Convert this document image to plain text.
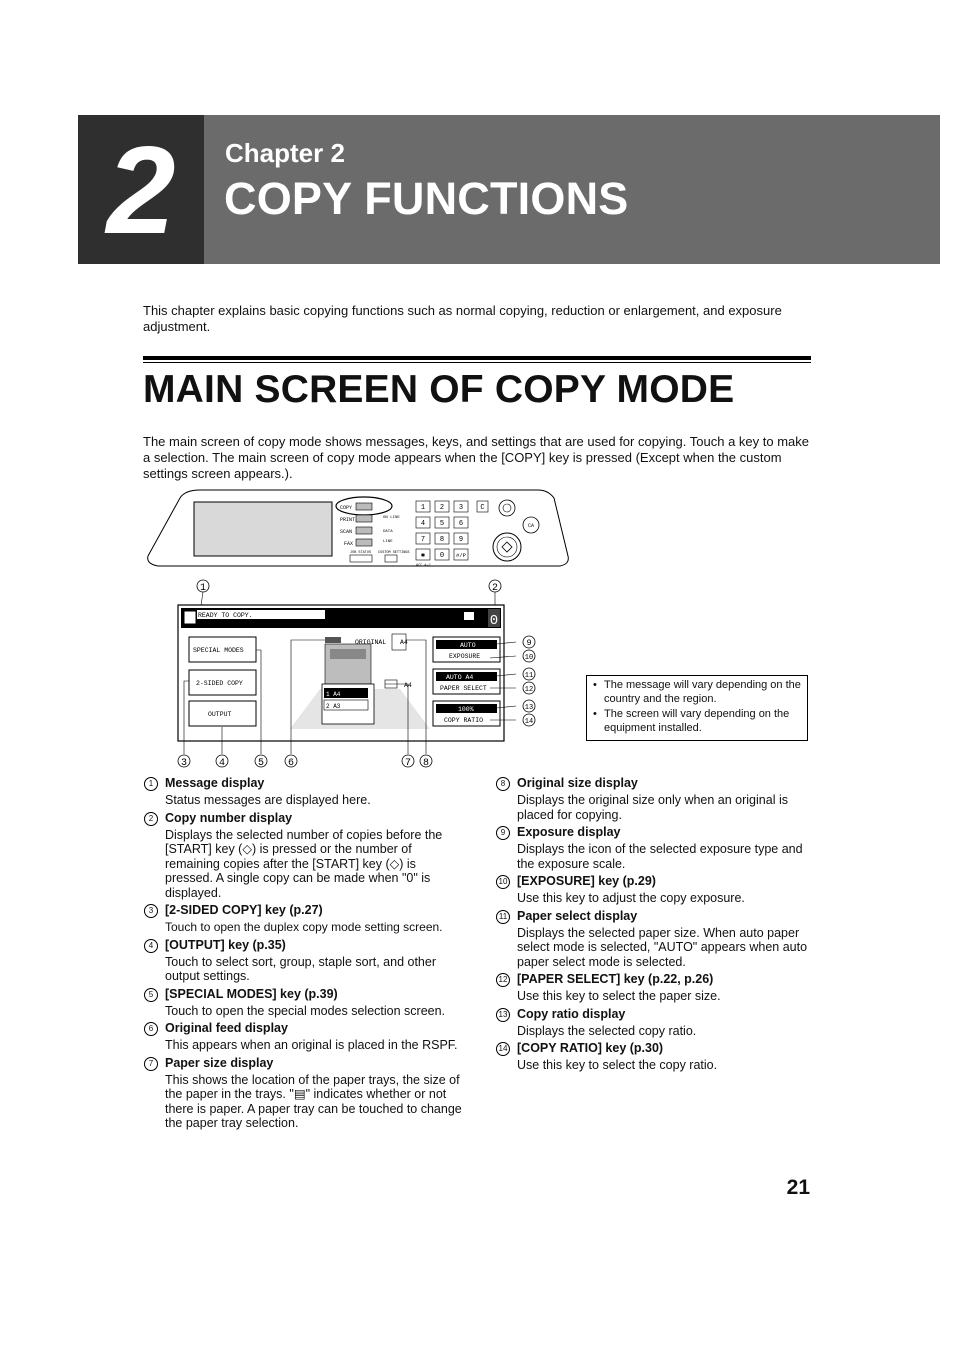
2	Chapter 2
COPY FUNCTIONS

This chapter explains basic copying functions such as normal copying, reduction or enlargement, and exposure adjustment.

MAIN SCREEN OF COPY MODE

The main screen of copy mode shows messages, keys, and settings that are used for copying. Touch a key to make a selection. The main screen of copy mode appears when the [COPY] key is pressed (Except when the custom settings screen appears.).

COPY
PRINT
SCAN
FAX
ON LINE
DATA
LINE
JOB STATUS CUSTOM SETTINGS
1 2 3
4 5 6
7 8 9
✱ 0 #/P
C
ACC.#-C
CA
1	2
READY TO COPY.	0
SPECIAL MODES
2-SIDED COPY
OUTPUT
1 A4
2 A3
ORIGINAL A4
A4
AUTO
EXPOSURE
AUTO A4
PAPER SELECT
100%
COPY RATIO
3	4	5 6	7 8
9
10
11
12
13
14
• The message will vary depending on the country and the region.
• The screen will vary depending on the equipment installed.
1 Message display
Status messages are displayed here.
2 Copy number display
Displays the selected number of copies before the [START] key (◇) is pressed or the number of remaining copies after the [START] key (◇) is pressed. A single copy can be made when "0" is displayed.
3 [2-SIDED COPY] key (p.27)
Touch to open the duplex copy mode setting screen.
4 [OUTPUT] key (p.35)
Touch to select sort, group, staple sort, and other output settings.
5 [SPECIAL MODES] key (p.39)
Touch to open the special modes selection screen.
6 Original feed display
This appears when an original is placed in the RSPF.
7 Paper size display
This shows the location of the paper trays, the size of the paper in the trays. "▤" indicates whether or not there is paper. A paper tray can be touched to change the paper tray selection.
8 Original size display
Displays the original size only when an original is placed for copying.
9 Exposure display
Displays the icon of the selected exposure type and the exposure scale.
10 [EXPOSURE] key (p.29)
Use this key to adjust the copy exposure.
11 Paper select display
Displays the selected paper size. When auto paper select mode is selected, "AUTO" appears when auto paper select mode is selected.
12 [PAPER SELECT] key (p.22, p.26)
Use this key to select the paper size.
13 Copy ratio display
Displays the selected copy ratio.
14 [COPY RATIO] key (p.30)
Use this key to select the copy ratio.
21
